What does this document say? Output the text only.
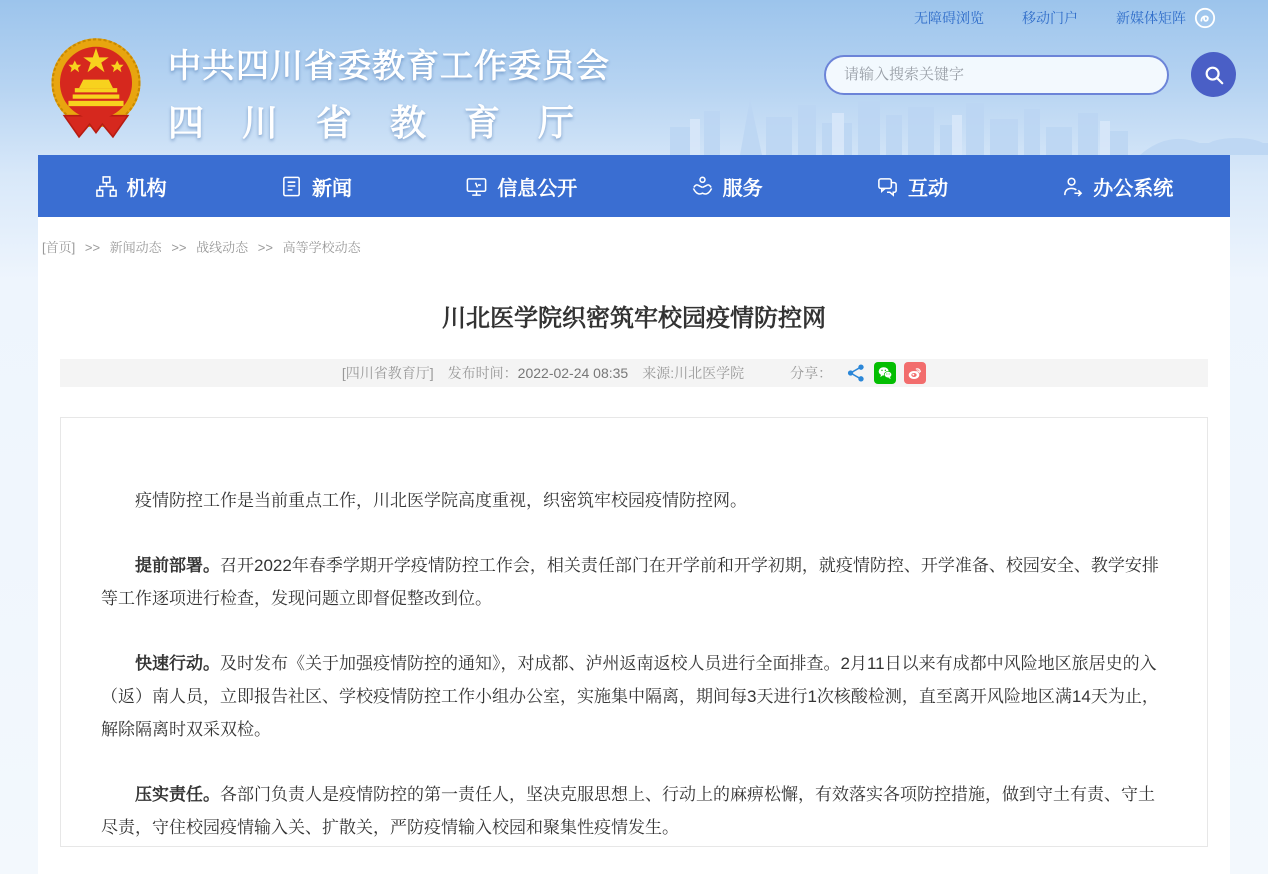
无障碍浏览	移动门户	新媒体矩阵
中共四川省委教育工作委员会
四川省教育厅
请输入搜索关键字
机构	新闻	信息公开	服务	互动	办公系统
[首页] >> 新闻动态 >> 战线动态 >> 高等学校动态
川北医学院织密筑牢校园疫情防控网
[四川省教育厅] 发布时间：2022-02-24 08:35 来源:川北医学院	分享：

疫情防控工作是当前重点工作，川北医学院高度重视，织密筑牢校园疫情防控网。

提前部署。召开2022年春季学期开学疫情防控工作会，相关责任部门在开学前和开学初期，就疫情防控、开学准备、校园安全、教学安排等工作逐项进行检查，发现问题立即督促整改到位。

快速行动。及时发布《关于加强疫情防控的通知》，对成都、泸州返南返校人员进行全面排查。2月11日以来有成都中风险地区旅居史的入（返）南人员，立即报告社区、学校疫情防控工作小组办公室，实施集中隔离，期间每3天进行1次核酸检测，直至离开风险地区满14天为止，解除隔离时双采双检。

压实责任。各部门负责人是疫情防控的第一责任人，坚决克服思想上、行动上的麻痹松懈，有效落实各项防控措施，做到守土有责、守土尽责，守住校园疫情输入关、扩散关，严防疫情输入校园和聚集性疫情发生。
